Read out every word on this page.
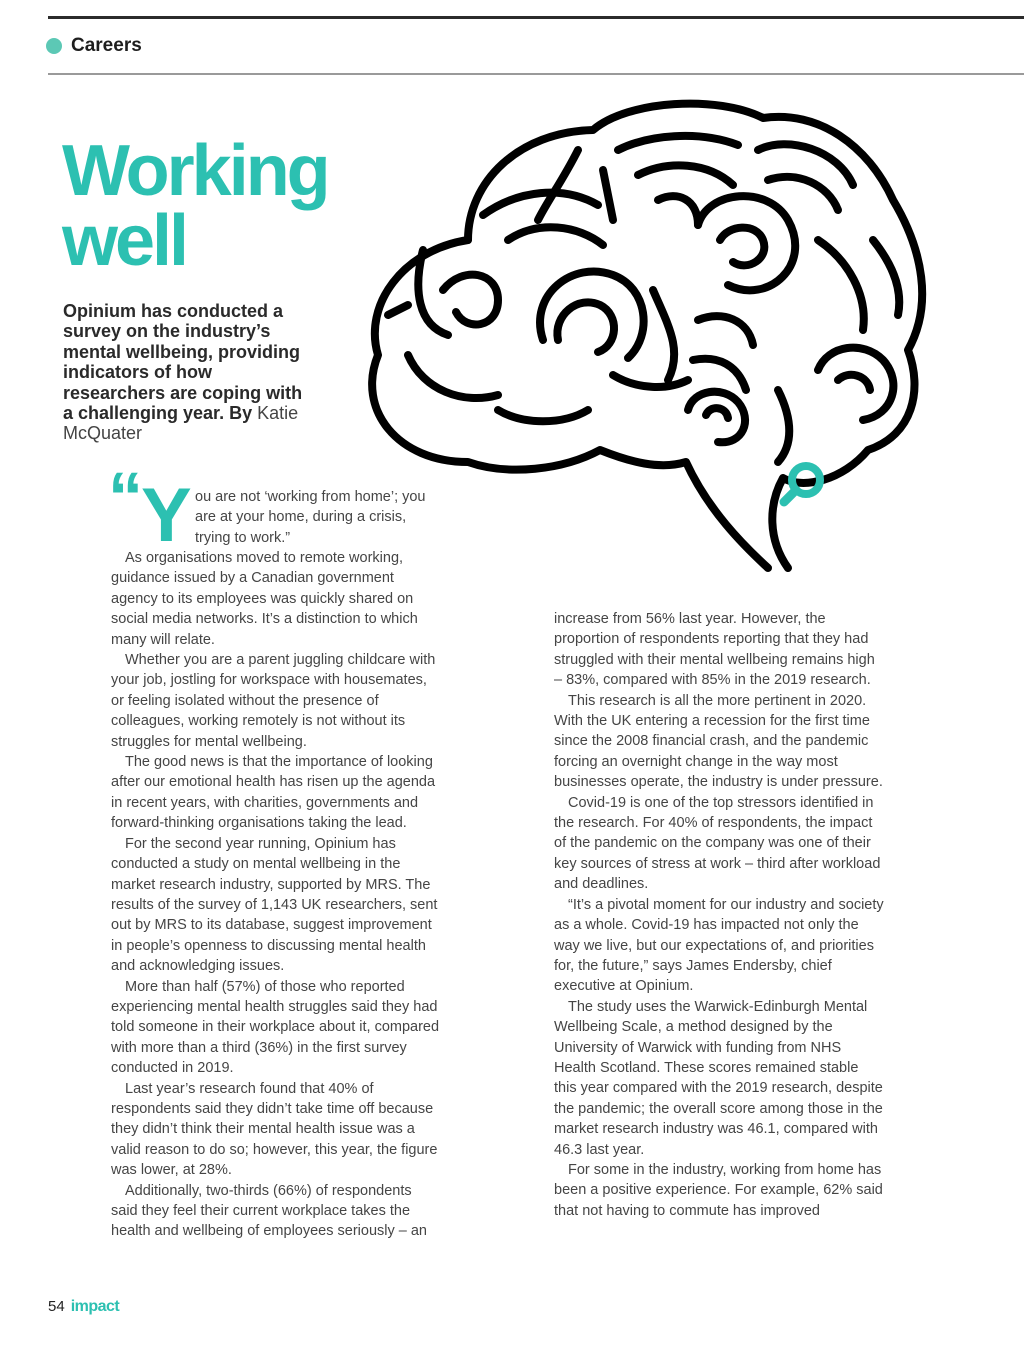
Careers
Working
well

Opinium has conducted a survey on the industry’s mental wellbeing, providing indicators of how researchers are coping with a challenging year. By Katie McQuater

“
Y ou are not ‘working from home’; you are at your home, during a crisis, trying to work.”

As organisations moved to remote working, guidance issued by a Canadian government agency to its employees was quickly shared on social media networks. It’s a distinction to which many will relate.

Whether you are a parent juggling childcare with your job, jostling for workspace with housemates, or feeling isolated without the presence of colleagues, working remotely is not without its struggles for mental wellbeing.

The good news is that the importance of looking after our emotional health has risen up the agenda in recent years, with charities, governments and forward-thinking organisations taking the lead.

For the second year running, Opinium has conducted a study on mental wellbeing in the market research industry, supported by MRS. The results of the survey of 1,143 UK researchers, sent out by MRS to its database, suggest improvement in people’s openness to discussing mental health and acknowledging issues.

More than half (57%) of those who reported experiencing mental health struggles said they had told someone in their workplace about it, compared with more than a third (36%) in the first survey conducted in 2019.

Last year’s research found that 40% of respondents said they didn’t take time off because they didn’t think their mental health issue was a valid reason to do so; however, this year, the figure was lower, at 28%.

Additionally, two-thirds (66%) of respondents said they feel their current workplace takes the health and wellbeing of employees seriously – an

increase from 56% last year. However, the proportion of respondents reporting that they had struggled with their mental wellbeing remains high – 83%, compared with 85% in the 2019 research.

This research is all the more pertinent in 2020. With the UK entering a recession for the first time since the 2008 financial crash, and the pandemic forcing an overnight change in the way most businesses operate, the industry is under pressure.

Covid-19 is one of the top stressors identified in the research. For 40% of respondents, the impact of the pandemic on the company was one of their key sources of stress at work – third after workload and deadlines.

“It’s a pivotal moment for our industry and society as a whole. Covid-19 has impacted not only the way we live, but our expectations of, and priorities for, the future,” says James Endersby, chief executive at Opinium.

The study uses the Warwick-Edinburgh Mental Wellbeing Scale, a method designed by the University of Warwick with funding from NHS Health Scotland. These scores remained stable this year compared with the 2019 research, despite the pandemic; the overall score among those in the market research industry was 46.1, compared with 46.3 last year.

For some in the industry, working from home has been a positive experience. For example, 62% said that not having to commute has improved

54 impact
